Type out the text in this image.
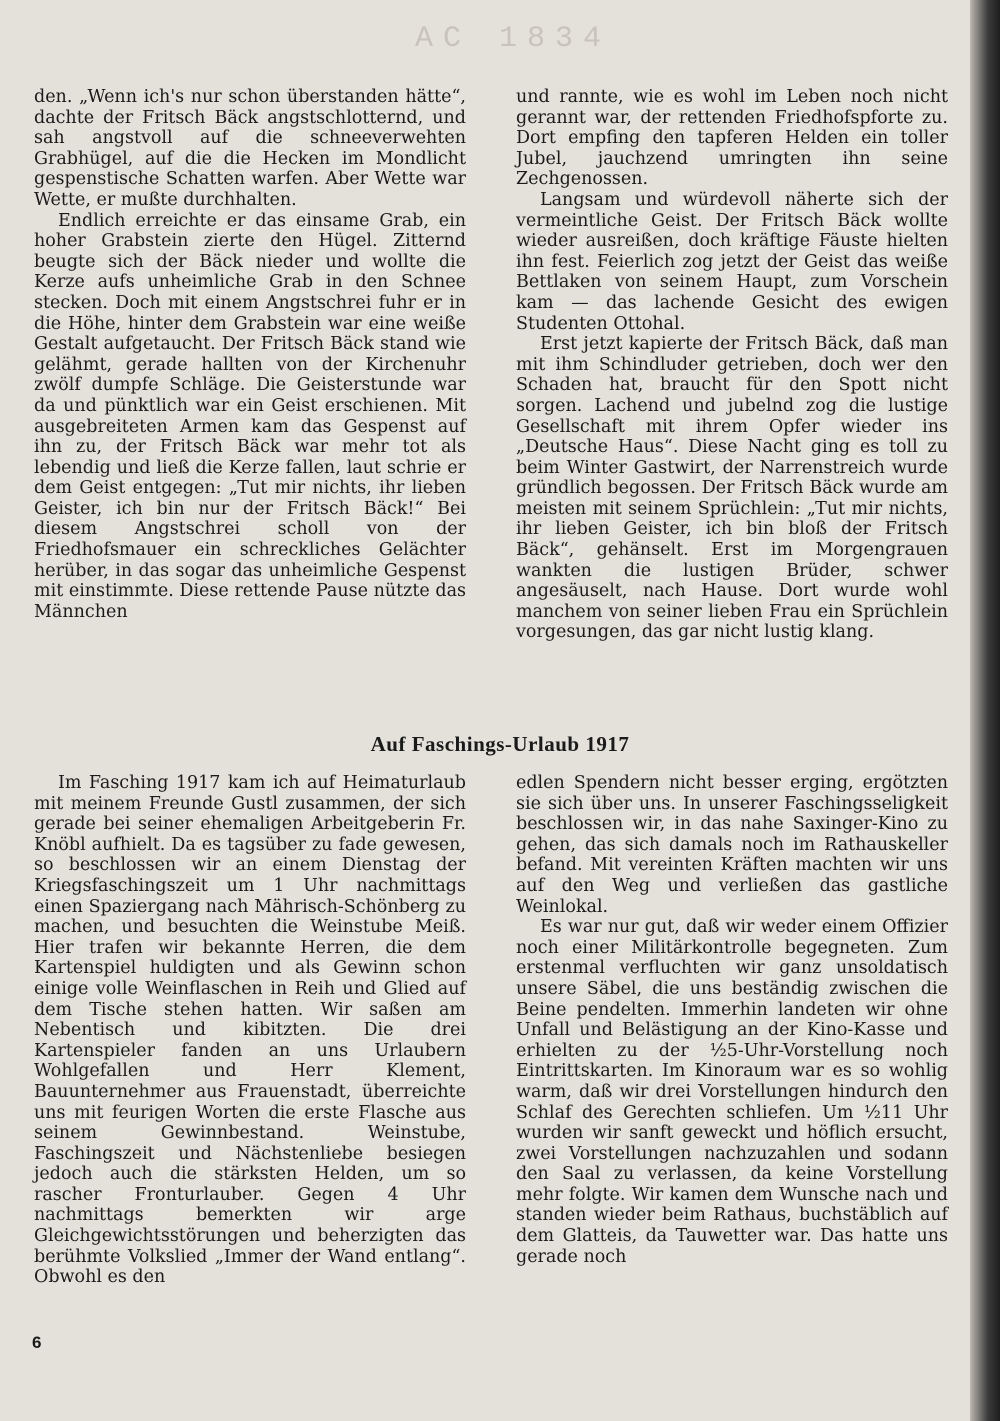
AC 1834

den. „Wenn ich's nur schon überstanden hätte“, dachte der Fritsch Bäck angstschlotternd, und sah angstvoll auf die schneeverwehten Grabhügel, auf die die Hecken im Mondlicht gespenstische Schatten warfen. Aber Wette war Wette, er mußte durchhalten.

Endlich erreichte er das einsame Grab, ein hoher Grabstein zierte den Hügel. Zitternd beugte sich der Bäck nieder und wollte die Kerze aufs unheimliche Grab in den Schnee stecken. Doch mit einem Angstschrei fuhr er in die Höhe, hinter dem Grabstein war eine weiße Gestalt aufgetaucht. Der Fritsch Bäck stand wie gelähmt, gerade hallten von der Kirchenuhr zwölf dumpfe Schläge. Die Geisterstunde war da und pünktlich war ein Geist erschienen. Mit ausgebreiteten Armen kam das Gespenst auf ihn zu, der Fritsch Bäck war mehr tot als lebendig und ließ die Kerze fallen, laut schrie er dem Geist entgegen: „Tut mir nichts, ihr lieben Geister, ich bin nur der Fritsch Bäck!“ Bei diesem Angstschrei scholl von der Friedhofsmauer ein schreckliches Gelächter herüber, in das sogar das unheimliche Gespenst mit einstimmte. Diese rettende Pause nützte das Männchen

und rannte, wie es wohl im Leben noch nicht gerannt war, der rettenden Friedhofspforte zu. Dort empfing den tapferen Helden ein toller Jubel, jauchzend umringten ihn seine Zechgenossen.

Langsam und würdevoll näherte sich der vermeintliche Geist. Der Fritsch Bäck wollte wieder ausreißen, doch kräftige Fäuste hielten ihn fest. Feierlich zog jetzt der Geist das weiße Bettlaken von seinem Haupt, zum Vorschein kam — das lachende Gesicht des ewigen Studenten Ottohal.

Erst jetzt kapierte der Fritsch Bäck, daß man mit ihm Schindluder getrieben, doch wer den Schaden hat, braucht für den Spott nicht sorgen. Lachend und jubelnd zog die lustige Gesellschaft mit ihrem Opfer wieder ins „Deutsche Haus“. Diese Nacht ging es toll zu beim Winter Gastwirt, der Narrenstreich wurde gründlich begossen. Der Fritsch Bäck wurde am meisten mit seinem Sprüchlein: „Tut mir nichts, ihr lieben Geister, ich bin bloß der Fritsch Bäck“, gehänselt. Erst im Morgengrauen wankten die lustigen Brüder, schwer angesäuselt, nach Hause. Dort wurde wohl manchem von seiner lieben Frau ein Sprüchlein vorgesungen, das gar nicht lustig klang.

Auf Faschings-Urlaub 1917

Im Fasching 1917 kam ich auf Heimaturlaub mit meinem Freunde Gustl zusammen, der sich gerade bei seiner ehemaligen Arbeitgeberin Fr. Knöbl aufhielt. Da es tagsüber zu fade gewesen, so beschlossen wir an einem Dienstag der Kriegsfaschingszeit um 1 Uhr nachmittags einen Spaziergang nach Mährisch-Schönberg zu machen, und besuchten die Weinstube Meiß. Hier trafen wir bekannte Herren, die dem Kartenspiel huldigten und als Gewinn schon einige volle Weinflaschen in Reih und Glied auf dem Tische stehen hatten. Wir saßen am Nebentisch und kibitzten. Die drei Kartenspieler fanden an uns Urlaubern Wohlgefallen und Herr Klement, Bauunternehmer aus Frauenstadt, überreichte uns mit feurigen Worten die erste Flasche aus seinem Gewinnbestand. Weinstube, Faschingszeit und Nächstenliebe besiegen jedoch auch die stärksten Helden, um so rascher Fronturlauber. Gegen 4 Uhr nachmittags bemerkten wir arge Gleichgewichtsstörungen und beherzigten das berühmte Volkslied „Immer der Wand entlang“. Obwohl es den

edlen Spendern nicht besser erging, ergötzten sie sich über uns. In unserer Faschingsseligkeit beschlossen wir, in das nahe Saxinger-Kino zu gehen, das sich damals noch im Rathauskeller befand. Mit vereinten Kräften machten wir uns auf den Weg und verließen das gastliche Weinlokal.

Es war nur gut, daß wir weder einem Offizier noch einer Militärkontrolle begegneten. Zum erstenmal verfluchten wir ganz unsoldatisch unsere Säbel, die uns beständig zwischen die Beine pendelten. Immerhin landeten wir ohne Unfall und Belästigung an der Kino-Kasse und erhielten zu der ½5-Uhr-Vorstellung noch Eintrittskarten. Im Kinoraum war es so wohlig warm, daß wir drei Vorstellungen hindurch den Schlaf des Gerechten schliefen. Um ½11 Uhr wurden wir sanft geweckt und höflich ersucht, zwei Vorstellungen nachzuzahlen und sodann den Saal zu verlassen, da keine Vorstellung mehr folgte. Wir kamen dem Wunsche nach und standen wieder beim Rathaus, buchstäblich auf dem Glatteis, da Tauwetter war. Das hatte uns gerade noch

6
